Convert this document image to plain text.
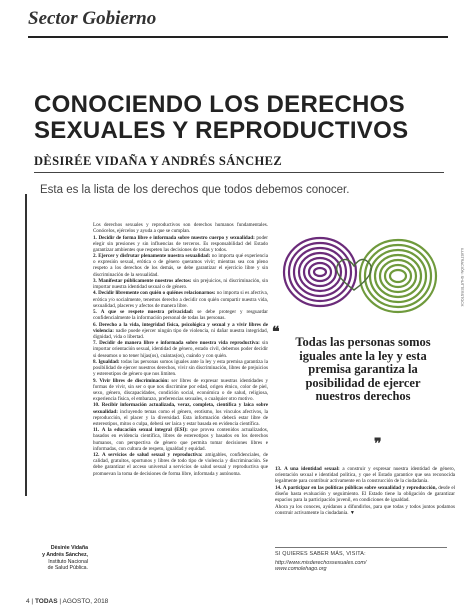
Sector Gobierno
CONOCIENDO LOS DERECHOS SEXUALES Y REPRODUCTIVOS
DÈSIRÉE VIDAÑA Y ANDRÉS SÁNCHEZ
Esta es la lista de los derechos que todos debemos conocer.

Los derechos sexuales y reproductivos son derechos humanos fundamentales. Conócelos, ejércelos y ayuda a que se cumplan.

1. Decidir de forma libre e informada sobre nuestro cuerpo y sexualidad: poder elegir sin presiones y sin influencias de terceros. Es responsabilidad del Estado garantizar ambientes que respeten las decisiones de todas y todos.

2. Ejercer y disfrutar plenamente nuestra sexualidad: no importa qué experiencia o expresión sexual, erótica o de género queramos vivir; mientras sea con pleno respeto a los derechos de los demás, se debe garantizar el ejercicio libre y sin discriminación de la sexualidad.

3. Manifestar públicamente nuestros afectos: sin prejuicios, ni discriminación, sin importar nuestra identidad sexual o de género.

4. Decidir libremente con quién o quiénes relacionarnos: no importa si es afectiva, erótica y/o socialmente, tenemos derecho a decidir con quién compartir nuestra vida, sexualidad, placeres y afectos de manera libre.

5. A que se respete nuestra privacidad: se debe proteger y resguardar confidencialmente la información personal de todas las personas.

6. Derecho a la vida, integridad física, psicológica y sexual y a vivir libres de violencia: nadie puede ejercer ningún tipo de violencia, ni dañar nuestra integridad, dignidad, vida o libertad.

7. Decidir de manera libre e informada sobre nuestra vida reproductiva: sin importar orientación sexual, identidad de género, estado civil, debemos poder decidir si deseamos o no tener hijas(os), cuántas(os), cuándo y con quién.

8. Igualdad: todas las personas somos iguales ante la ley y esta premisa garantiza la posibilidad de ejercer nuestros derechos, vivir sin discriminación, libres de prejuicios y estereotipos de género que nos limiten.

9. Vivir libres de discriminación: ser libres de expresar nuestras identidades y formas de vivir, sin ser o que nos discrimine por edad, origen étnico, color de piel, sexo, género, discapacidades, condición social, económica o de salud, religiosa, experiencia física, el embarazo, preferencias sexuales, o cualquier otro motivo.

10. Recibir información actualizada, veraz, completa, científica y laica sobre sexualidad: incluyendo temas como el género, erotismo, los vínculos afectivos, la reproducción, el placer y la diversidad. Esta información deberá estar libre de estereotipos, mitos o culpa, deberá ser laica y estar basada en evidencia científica.

11. A la educación sexual integral (ESI): que provea contenidos actualizados, basados en evidencia científica, libres de estereotipos y basados en los derechos humanos, con perspectiva de género que permita tomar decisiones libres e informadas, con cultura de respeto, igualdad y equidad.

12. A servicios de salud sexual y reproductiva: amigables, confidenciales, de calidad, gratuitos, oportunos y libres de todo tipo de violencia y discriminación. Se debe garantizar el acceso universal a servicios de salud sexual y reproductiva que promuevan la toma de decisiones de forma libre, informada y autónoma.

Dèsirée Vidaña
y Andrés Sánchez,
Instituto Nacional
de Salud Pública.
ILUSTRACIÓN: SHUTTERSTOCK
❝
Todas las personas somos iguales ante la ley y esta premisa garantiza la posibilidad de ejercer nuestros derechos
❞

13. A una identidad sexual: a construir y expresar nuestra identidad de género, orientación sexual e identidad política, y que el Estado garantice que sea reconocida legalmente para contribuir activamente en la construcción de la ciudadanía.

14. A participar en las políticas públicas sobre sexualidad y reproducción, desde el diseño hasta evaluación y seguimiento. El Estado tiene la obligación de garantizar espacios para la participación juvenil, en condiciones de igualdad.

Ahora ya los conoces, ayúdanos a difundirlos, para que todas y todos juntos podamos construir activamente la ciudadanía. ▼

SI QUIERES SABER MÁS, VISITA:
http://www.misderechossexuales.com/
www.comolehago.org
4 | TODAS | AGOSTO, 2018
